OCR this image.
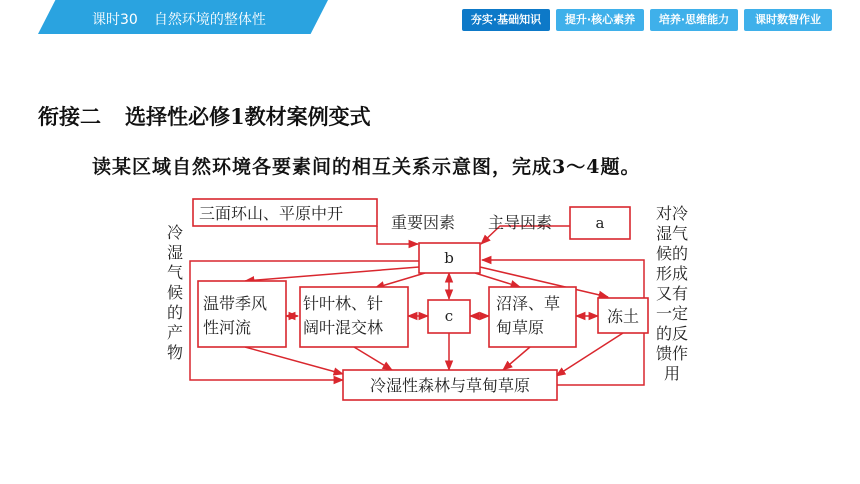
课时30 自然环境的整体性	夯实·基础知识	提升·核心素养	培养·思维能力	课时数智作业
衔接二 选择性必修1教材案例变式
读某区域自然环境各要素间的相互关系示意图，完成3～4题。
三面环山、平原中开	重要因素 主导因素	a
b
温带季风
性河流
针叶林、针
阔叶混交林
c
沼泽、草
甸草原
冻土
冷湿性森林与草甸草原
冷
湿
气
候
的
产
物
对冷
湿气
候的
形成
又有
一定
的反
馈作
用
